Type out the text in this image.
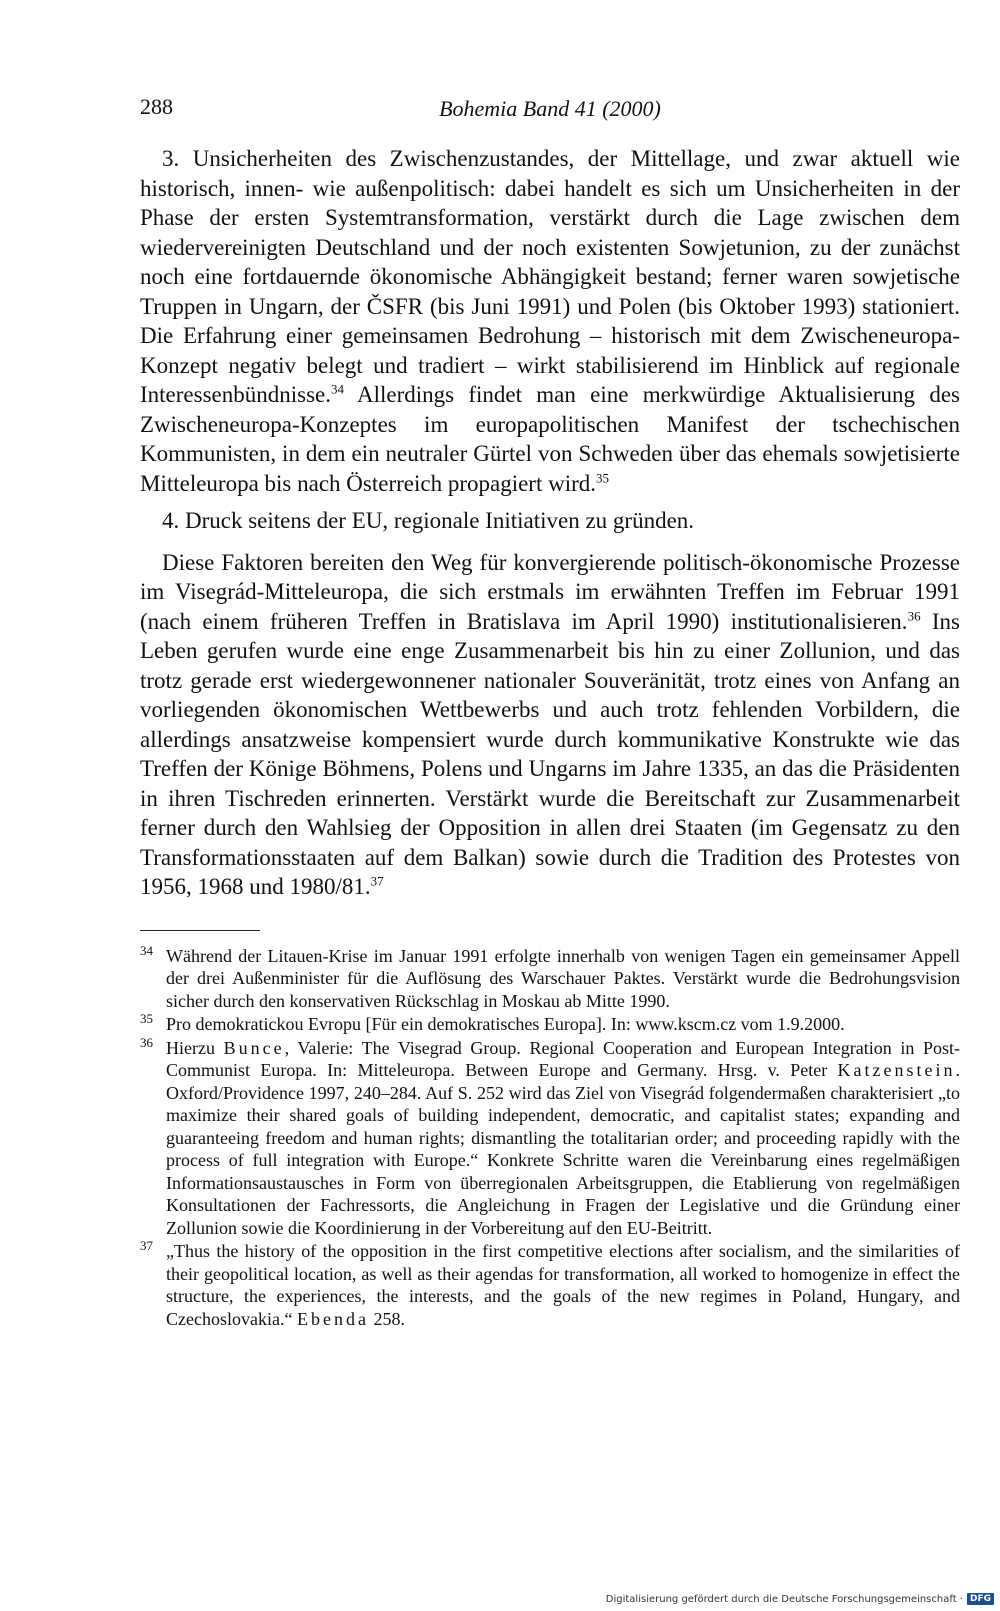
288	Bohemia Band 41 (2000)

3. Unsicherheiten des Zwischenzustandes, der Mittellage, und zwar aktuell wie historisch, innen- wie außenpolitisch: dabei handelt es sich um Unsicherheiten in der Phase der ersten Systemtransformation, verstärkt durch die Lage zwischen dem wiedervereinigten Deutschland und der noch existenten Sowjetunion, zu der zunächst noch eine fortdauernde ökonomische Abhängigkeit bestand; ferner waren sowjetische Truppen in Ungarn, der ČSFR (bis Juni 1991) und Polen (bis Oktober 1993) stationiert. Die Erfahrung einer gemeinsamen Bedrohung – historisch mit dem Zwischeneuropa-Konzept negativ belegt und tradiert – wirkt stabilisierend im Hinblick auf regionale Interessenbündnisse.$^{34}$ Allerdings findet man eine merkwürdige Aktualisierung des Zwischeneuropa-Konzeptes im europapolitischen Manifest der tschechischen Kommunisten, in dem ein neutraler Gürtel von Schweden über das ehemals sowjetisierte Mitteleuropa bis nach Österreich propagiert wird.$^{35}$

4. Druck seitens der EU, regionale Initiativen zu gründen.

Diese Faktoren bereiten den Weg für konvergierende politisch-ökonomische Prozesse im Visegrád-Mitteleuropa, die sich erstmals im erwähnten Treffen im Februar 1991 (nach einem früheren Treffen in Bratislava im April 1990) institutionalisieren.$^{36}$ Ins Leben gerufen wurde eine enge Zusammenarbeit bis hin zu einer Zollunion, und das trotz gerade erst wiedergewonnener nationaler Souveränität, trotz eines von Anfang an vorliegenden ökonomischen Wettbewerbs und auch trotz fehlenden Vorbildern, die allerdings ansatzweise kompensiert wurde durch kommunikative Konstrukte wie das Treffen der Könige Böhmens, Polens und Ungarns im Jahre 1335, an das die Präsidenten in ihren Tischreden erinnerten. Verstärkt wurde die Bereitschaft zur Zusammenarbeit ferner durch den Wahlsieg der Opposition in allen drei Staaten (im Gegensatz zu den Transformationsstaaten auf dem Balkan) sowie durch die Tradition des Protestes von 1956, 1968 und 1980/81.37

34 Während der Litauen-Krise im Januar 1991 erfolgte innerhalb von wenigen Tagen ein gemeinsamer Appell der drei Außenminister für die Auflösung des Warschauer Paktes. Verstärkt wurde die Bedrohungsvision sicher durch den konservativen Rückschlag in Moskau ab Mitte 1990.
35 Pro demokratickou Evropu [Für ein demokratisches Europa]. In: www.kscm.cz vom 1.9.2000.
36 Hierzu Bunce, Valerie: The Visegrad Group. Regional Cooperation and European Integration in Post-Communist Europa. In: Mitteleuropa. Between Europe and Germany. Hrsg. v. Peter Katzenstein. Oxford/Providence 1997, 240–284. Auf S. 252 wird das Ziel von Visegrád folgendermaßen charakterisiert „to maximize their shared goals of building independent, democratic, and capitalist states; expanding and guaranteeing freedom and human rights; dismantling the totalitarian order; and proceeding rapidly with the process of full integration with Europe.“ Konkrete Schritte waren die Vereinbarung eines regelmäßigen Informationsaustausches in Form von überregionalen Arbeitsgruppen, die Etablierung von regelmäßigen Konsultationen der Fachressorts, die Angleichung in Fragen der Legislative und die Gründung einer Zollunion sowie die Koordinierung in der Vorbereitung auf den EU-Beitritt.
37 „Thus the history of the opposition in the first competitive elections after socialism, and the similarities of their geopolitical location, as well as their agendas for transformation, all worked to homogenize in effect the structure, the experiences, the interests, and the goals of the new regimes in Poland, Hungary, and Czechoslovakia.“ Ebenda 258.
Digitalisierung gefördert durch die Deutsche Forschungsgemeinschaft · DFG
